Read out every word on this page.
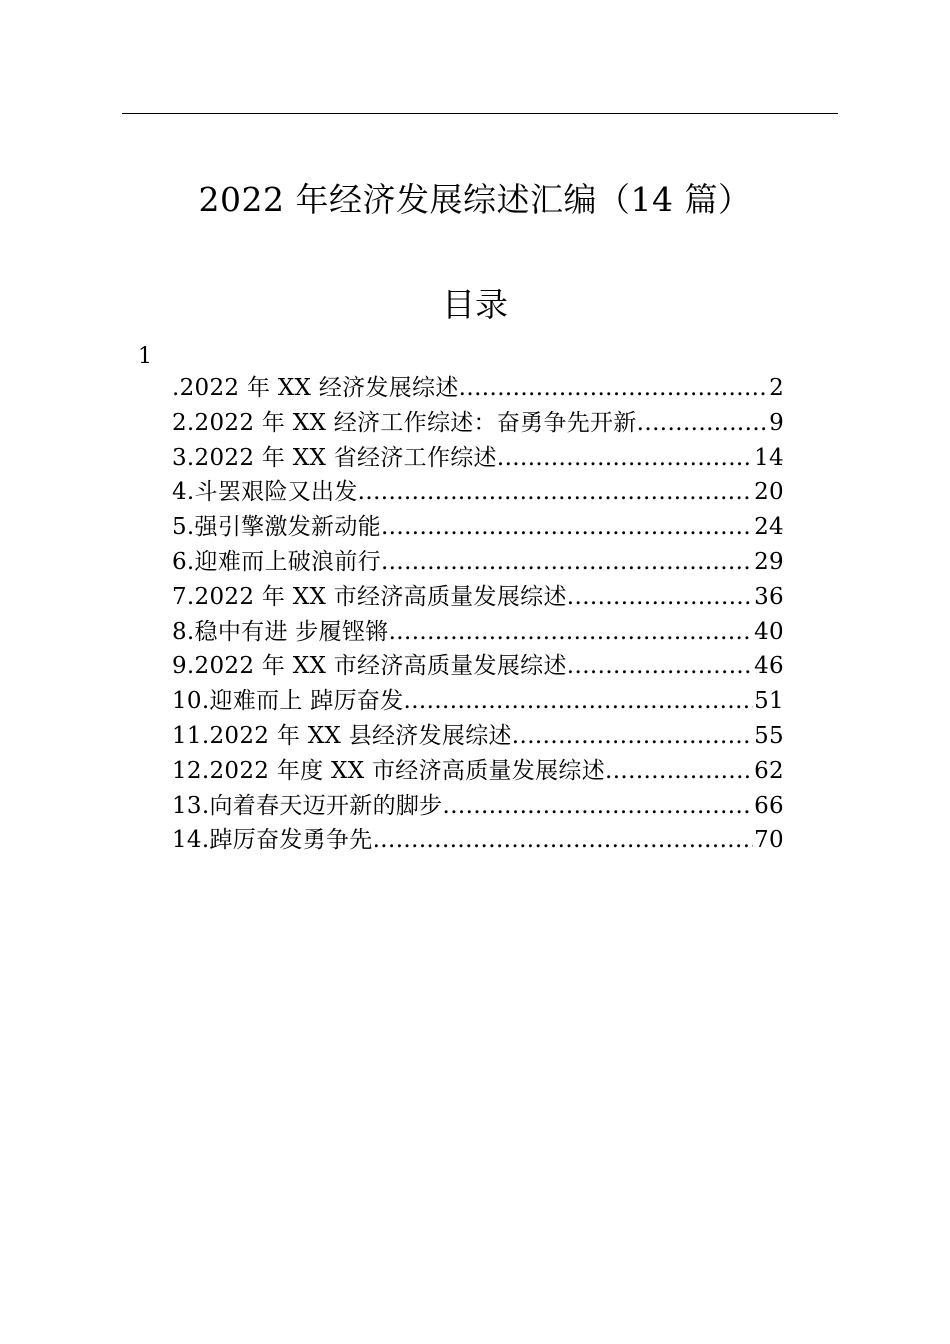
2022 年经济发展综述汇编（14 篇）
目录
1
.2022 年 XX 经济发展综述 .....	2
2.2022 年 XX 经济工作综述：奋勇争先开新 .....	9
3.2022 年 XX 省经济工作综述 .....	14
4.斗罢艰险又出发 .....	20
5.强引擎激发新动能 .....	24
6.迎难而上破浪前行 .....	29
7.2022 年 XX 市经济高质量发展综述 .....	36
8.稳中有进 步履铿锵 .....	40
9.2022 年 XX 市经济高质量发展综述 .....	46
10.迎难而上 踔厉奋发 .....	51
11.2022 年 XX 县经济发展综述 .....	55
12.2022 年度 XX 市经济高质量发展综述 .....	62
13.向着春天迈开新的脚步 .....	66
14.踔厉奋发勇争先 .....	70
